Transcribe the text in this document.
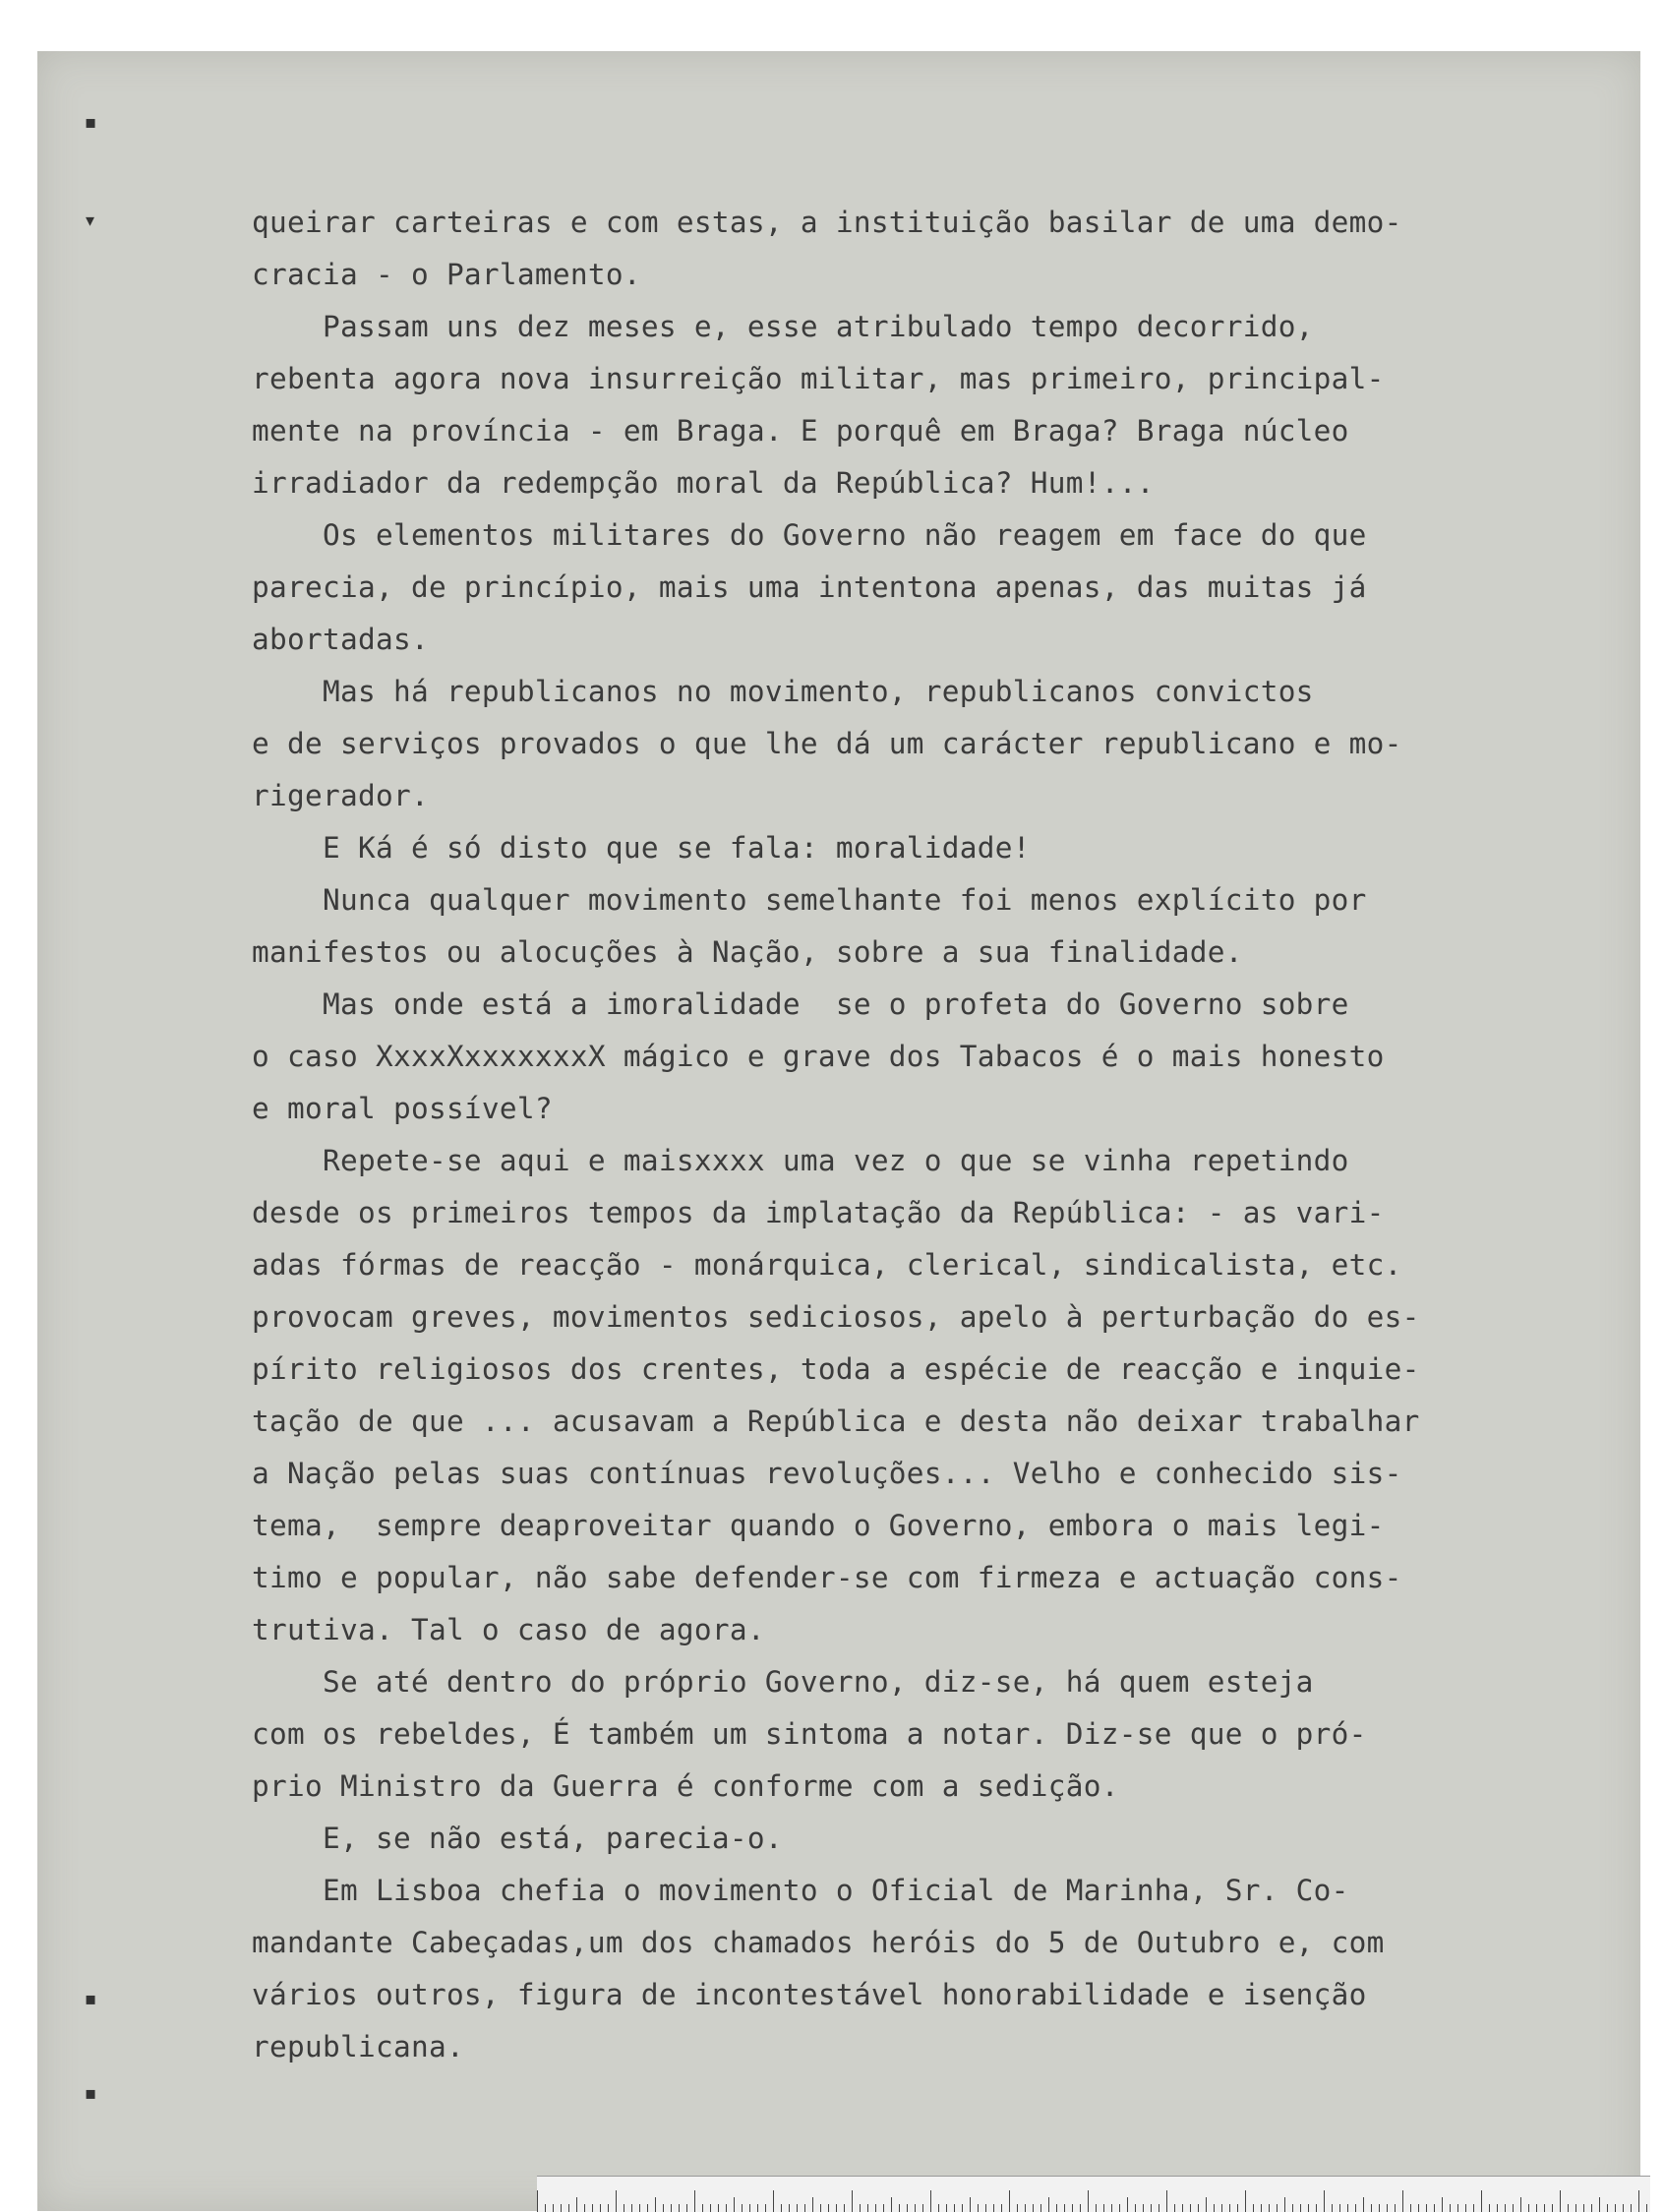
▪
▾
▪
▪
queirar carteiras e com estas, a instituição basilar de uma demo-
cracia - o Parlamento.
Passam uns dez meses e, esse atribulado tempo decorrido,
rebenta agora nova insurreição militar, mas primeiro, principal-
mente na província - em Braga. E porquê em Braga? Braga núcleo
irradiador da redempção moral da República? Hum!...
Os elementos militares do Governo não reagem em face do que
parecia, de princípio, mais uma intentona apenas, das muitas já
abortadas.
Mas há republicanos no movimento, republicanos convictos
e de serviços provados o que lhe dá um carácter republicano e mo-
rigerador.
E Ká é só disto que se fala: moralidade!
Nunca qualquer movimento semelhante foi menos explícito por
manifestos ou alocuções à Nação, sobre a sua finalidade.
Mas onde está a imoralidade  se o profeta do Governo sobre
o caso XxxxXxxxxxxxX mágico e grave dos Tabacos é o mais honesto
e moral possível?
Repete-se aqui e maisxxxx uma vez o que se vinha repetindo
desde os primeiros tempos da implatação da República: - as vari-
adas fórmas de reacção - monárquica, clerical, sindicalista, etc.
provocam greves, movimentos sediciosos, apelo à perturbação do es-
pírito religiosos dos crentes, toda a espécie de reacção e inquie-
tação de que ... acusavam a República e desta não deixar trabalhar
a Nação pelas suas contínuas revoluções... Velho e conhecido sis-
tema,  sempre deaproveitar quando o Governo, embora o mais legi-
timo e popular, não sabe defender-se com firmeza e actuação cons-
trutiva. Tal o caso de agora.
Se até dentro do próprio Governo, diz-se, há quem esteja
com os rebeldes, É também um sintoma a notar. Diz-se que o pró-
prio Ministro da Guerra é conforme com a sedição.
E, se não está, parecia-o.
Em Lisboa chefia o movimento o Oficial de Marinha, Sr. Co-
mandante Cabeçadas,um dos chamados heróis do 5 de Outubro e, com
vários outros, figura de incontestável honorabilidade e isenção
republicana.
